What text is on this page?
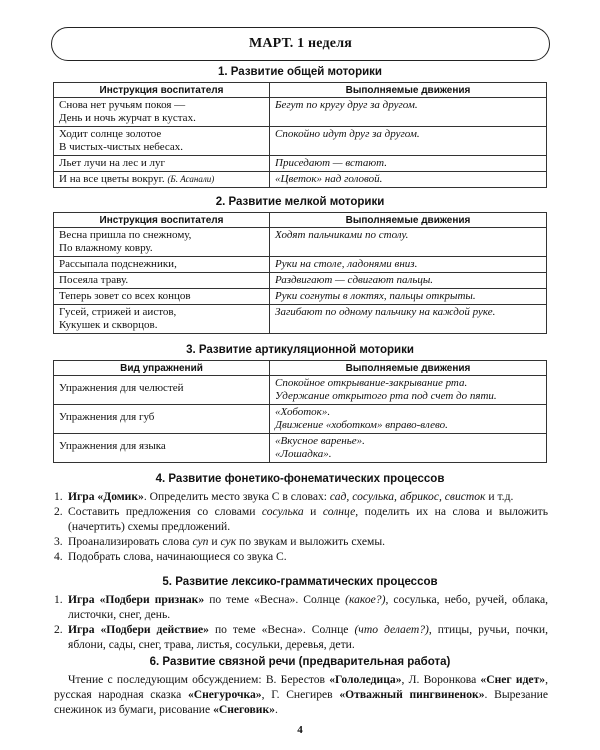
МАРТ. 1 неделя
1. Развитие общей моторики
Инструкция воспитателя	Выполняемые движения

Снова нет ручьям покоя —
День и ночь журчат в кустах.	Бегут по кругу друг за другом.

Ходит солнце золотое
В чистых-чистых небесах.	Спокойно идут друг за другом.
Льет лучи на лес и луг	Приседают — встают.
И на все цветы вокруг. (Б. Асанали)	«Цветок» над головой.
2. Развитие мелкой моторики
Инструкция воспитателя	Выполняемые движения

Весна пришла по снежному,
По влажному ковру.	Ходят пальчиками по столу.
Рассыпала подснежники,	Руки на столе, ладонями вниз.
Посеяла траву.	Раздвигают — сдвигают пальцы.
Теперь зовет со всех концов	Руки согнуты в локтях, пальцы открыты.

Гусей, стрижей и аистов,
Кукушек и скворцов.	Загибают по одному пальчику на каждой руке.
3. Развитие артикуляционной моторики
Вид упражнений	Выполняемые движения
Упражнения для челюстей	Спокойное открывание-закрывание рта.
Удержание открытого рта под счет до пяти.

Упражнения для губ	«Хоботок».
Движение «хоботком» вправо-влево.

Упражнения для языка	«Вкусное варенье».
«Лошадка».
4. Развитие фонетико-фонематических процессов
1. Игра «Домик». Определить место звука С в словах: сад, сосулька, абрикос, свисток и т.д.
2. Составить предложения со словами сосулька и солнце, поделить их на слова и выложить (начертить) схемы предложений.
3. Проанализировать слова суп и сук по звукам и выложить схемы.
4. Подобрать слова, начинающиеся со звука С.
5. Развитие лексико-грамматических процессов
1. Игра «Подбери признак» по теме «Весна». Солнце (какое?), сосулька, небо, ручей, облака, листочки, снег, день.
2. Игра «Подбери действие» по теме «Весна». Солнце (что делает?), птицы, ручьи, почки, яблони, сады, снег, трава, листья, сосульки, деревья, дети.
6. Развитие связной речи (предварительная работа)
Чтение с последующим обсуждением: В. Берестов «Гололедица», Л. Воронкова «Снег идет», русская народная сказка «Снегурочка», Г. Снегирев «Отважный пингвиненок». Вырезание снежинок из бумаги, рисование «Снеговик».
4
